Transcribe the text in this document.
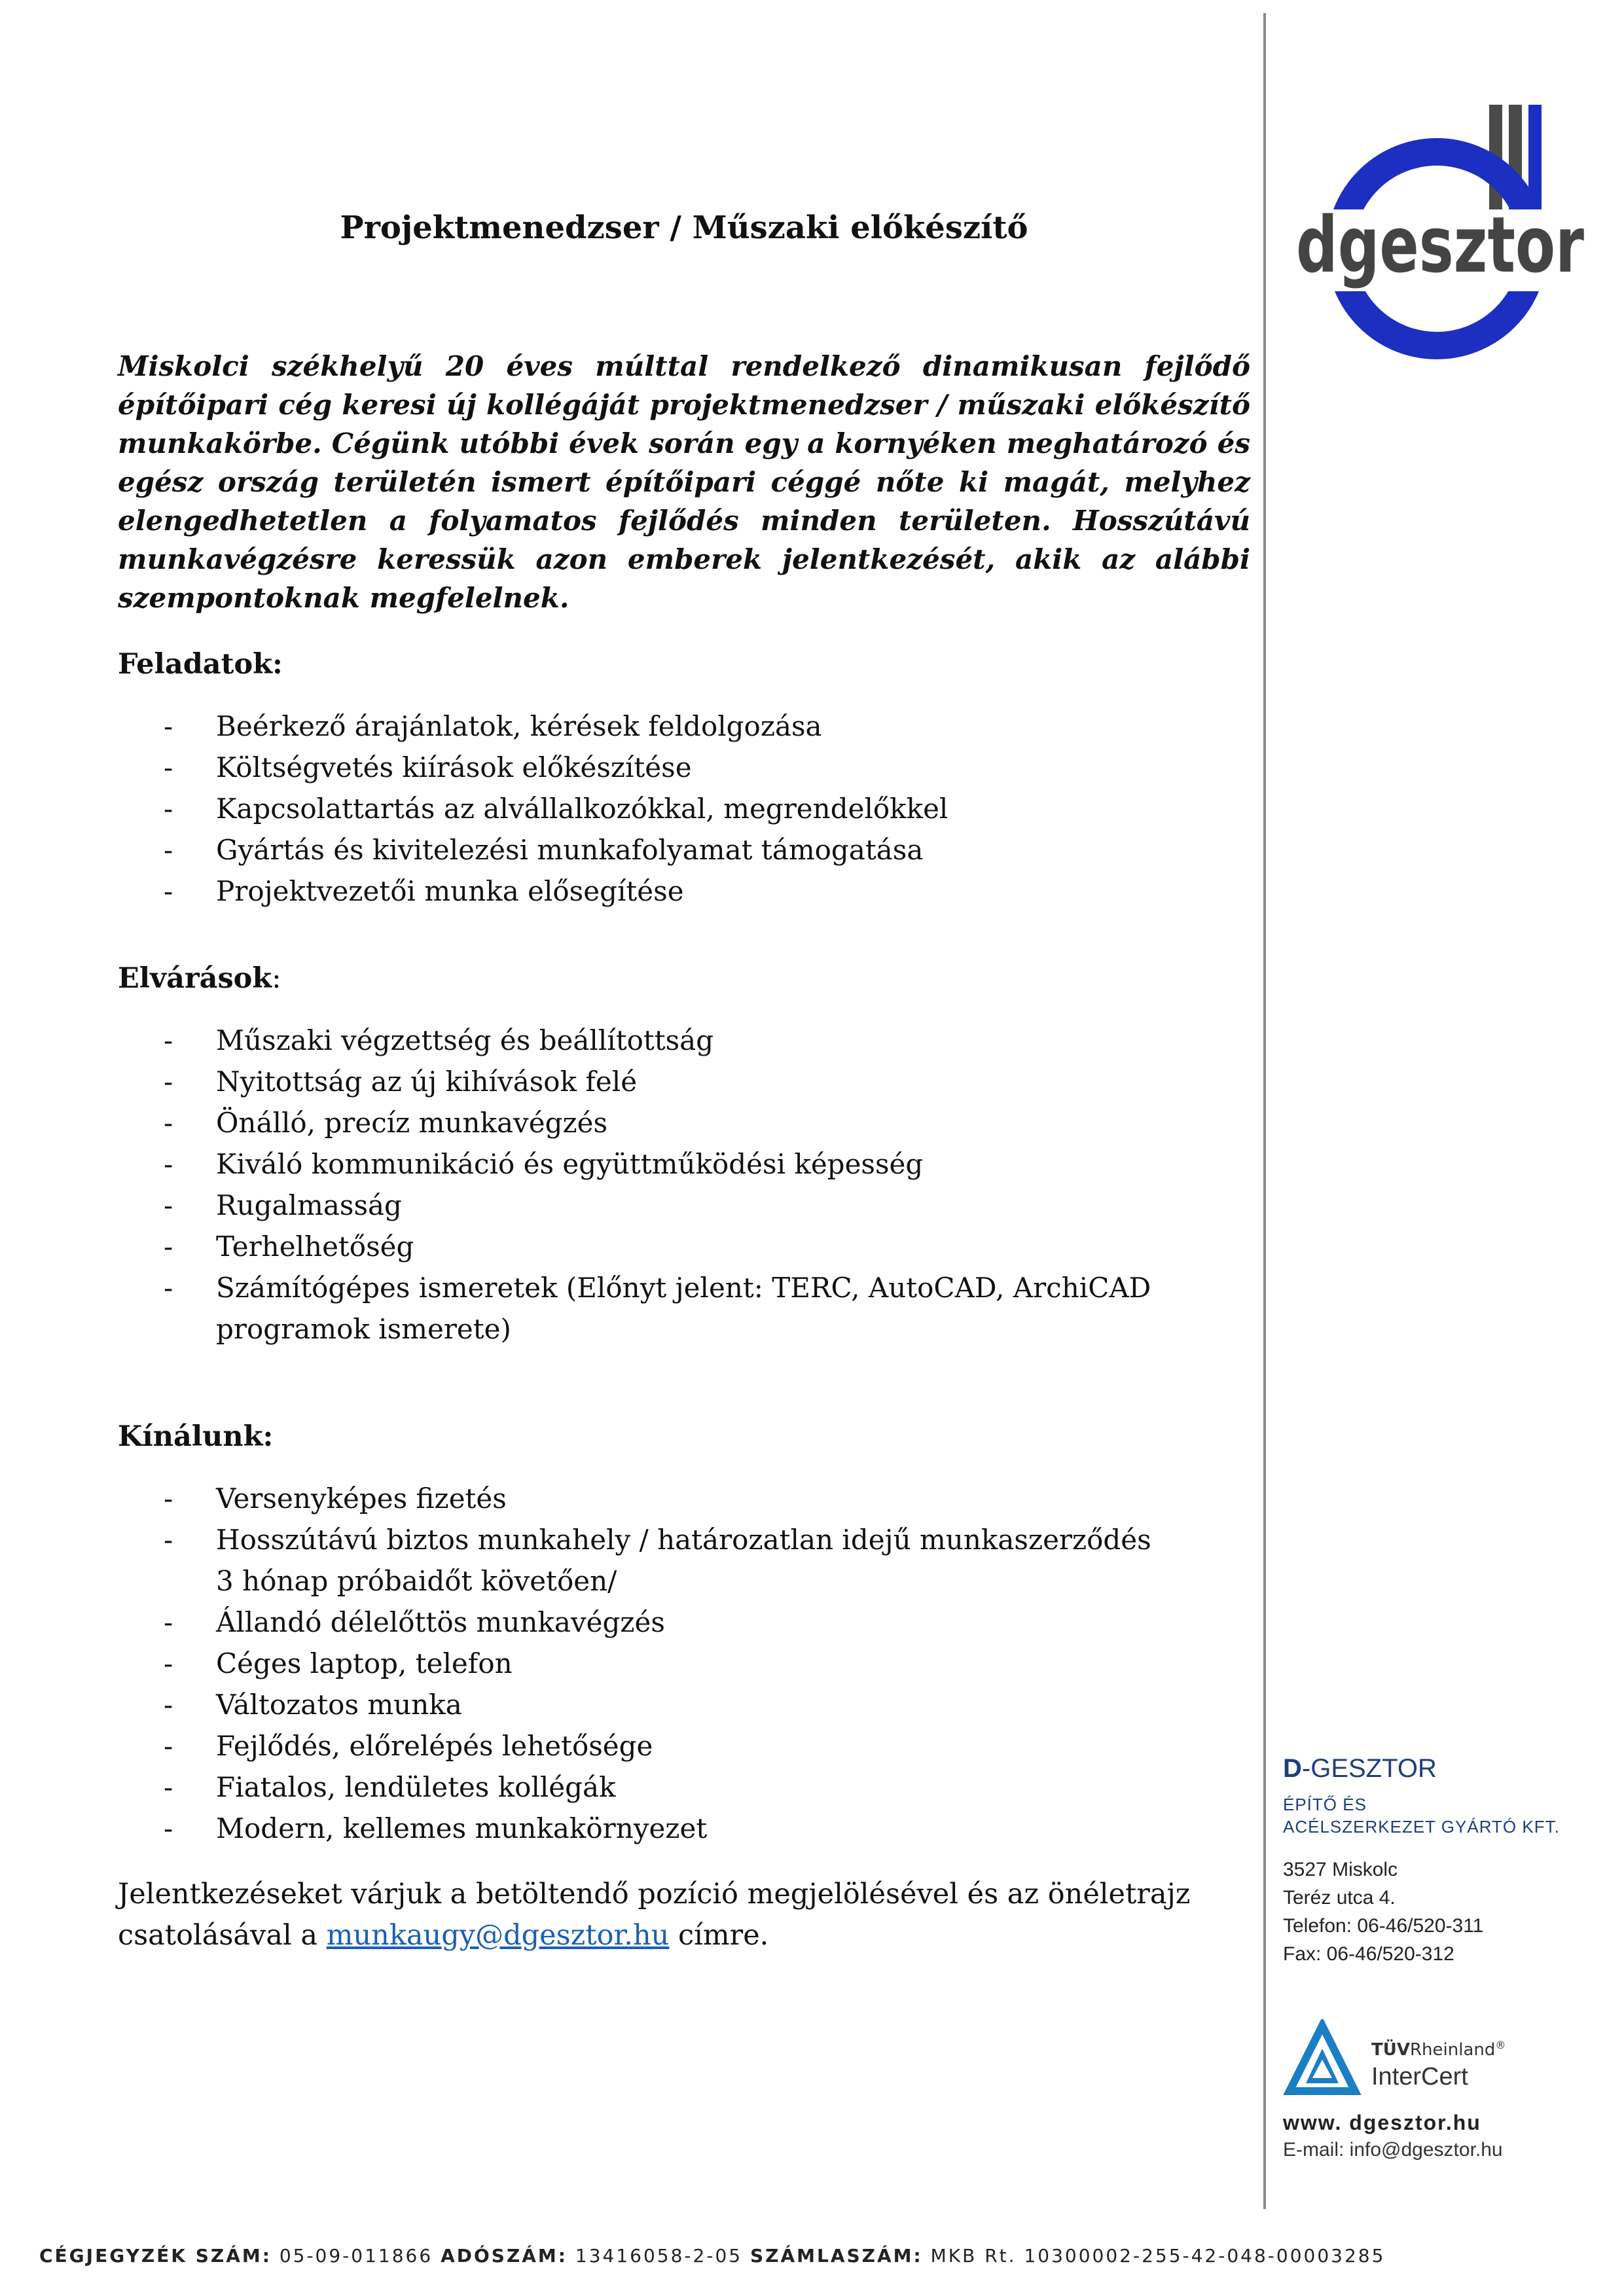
dgesztor
Projektmenedzser / Műszaki előkészítő
Miskolci székhelyű 20 éves múlttal rendelkező dinamikusan fejlődő építőipari cég keresi új kollégáját projektmenedzser / műszaki előkészítő munkakörbe. Cégünk utóbbi évek során egy a kornyéken meghatározó és egész ország területén ismert építőipari céggé nőte ki magát, melyhez elengedhetetlen a folyamatos fejlődés minden területen. Hosszútávú munkavégzésre keressük azon emberek jelentkezését, akik az alábbi szempontoknak megfelelnek.
Feladatok:
- Beérkező árajánlatok, kérések feldolgozása
- Költségvetés kiírások előkészítése
- Kapcsolattartás az alvállalkozókkal, megrendelőkkel
- Gyártás és kivitelezési munkafolyamat támogatása
- Projektvezetői munka elősegítése
Elvárások:
- Műszaki végzettség és beállítottság
- Nyitottság az új kihívások felé
- Önálló, precíz munkavégzés
- Kiváló kommunikáció és együttműködési képesség
- Rugalmasság
- Terhelhetőség
- Számítógépes ismeretek (Előnyt jelent: TERC, AutoCAD, ArchiCAD programok ismerete)
Kínálunk:
- Versenyképes fizetés
- Hosszútávú biztos munkahely / határozatlan idejű munkaszerződés 3 hónap próbaidőt követően/
- Állandó délelőttös munkavégzés
- Céges laptop, telefon
- Változatos munka
- Fejlődés, előrelépés lehetősége
- Fiatalos, lendületes kollégák
- Modern, kellemes munkakörnyezet
Jelentkezéseket várjuk a betöltendő pozíció megjelölésével és az önéletrajz csatolásával a munkaugy@dgesztor.hu címre.
D-GESZTOR
ÉPÍTŐ ÉS
ACÉLSZERKEZET GYÁRTÓ KFT.
3527 Miskolc
Teréz utca 4.
Telefon: 06-46/520-311
Fax: 06-46/520-312
TÜVRheinland®
InterCert
www. dgesztor.hu
E-mail: info@dgesztor.hu
CÉGJEGYZÉK SZÁM: 05-09-011866 ADÓSZÁM: 13416058-2-05 SZÁMLASZÁM: MKB Rt. 10300002-255-42-048-00003285
